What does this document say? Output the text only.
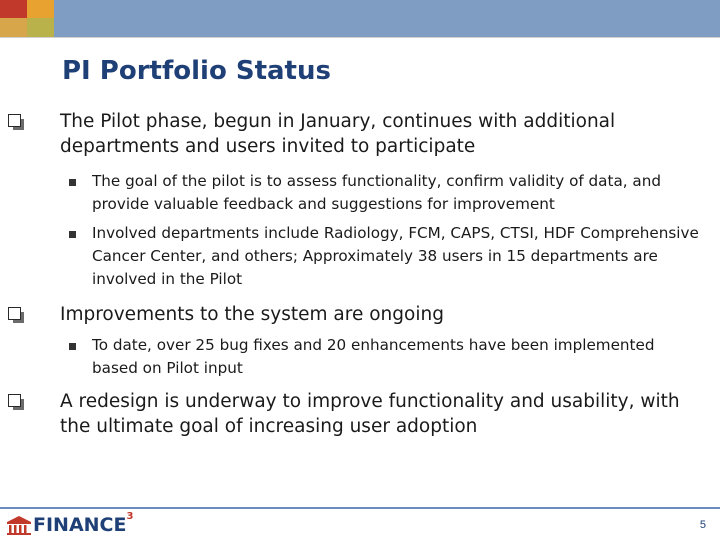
PI Portfolio Status
The Pilot phase, begun in January, continues with additional departments and users invited to participate
The goal of the pilot is to assess functionality, confirm validity of data, and provide valuable feedback and suggestions for improvement
Involved departments include Radiology, FCM, CAPS, CTSI, HDF Comprehensive Cancer Center, and others; Approximately 38 users in 15 departments are involved in the Pilot
Improvements to the system are ongoing
To date, over 25 bug fixes and 20 enhancements have been implemented based on Pilot input
A redesign is underway to improve functionality and usability, with the ultimate goal of increasing user adoption
FINANCE 3
5
